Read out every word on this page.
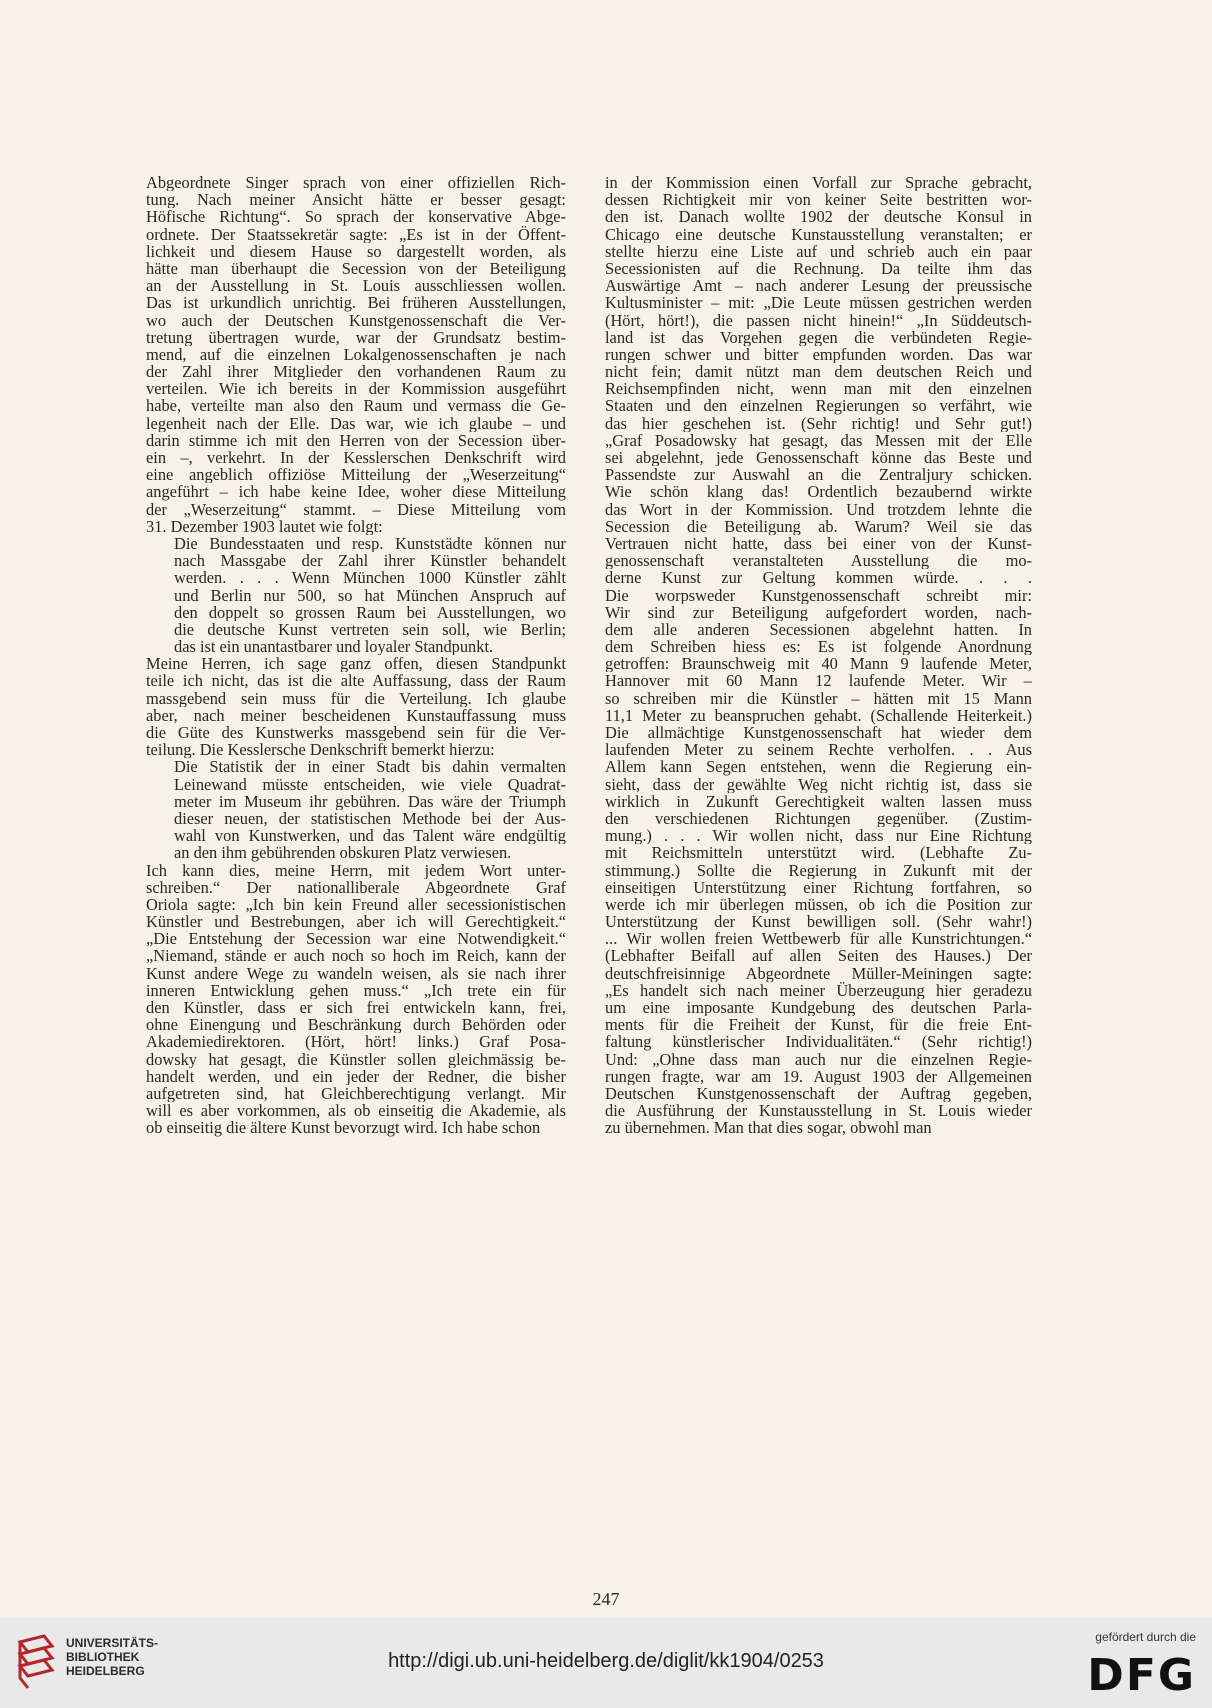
Abgeordnete Singer sprach von einer offiziellen Rich-
tung. Nach meiner Ansicht hätte er besser gesagt:
Höfische Richtung“. So sprach der konservative Abge-
ordnete. Der Staatssekretär sagte: „Es ist in der Öffent-
lichkeit und diesem Hause so dargestellt worden, als
hätte man überhaupt die Secession von der Beteiligung
an der Ausstellung in St. Louis ausschliessen wollen.
Das ist urkundlich unrichtig. Bei früheren Ausstellungen,
wo auch der Deutschen Kunstgenossenschaft die Ver-
tretung übertragen wurde, war der Grundsatz bestim-
mend, auf die einzelnen Lokalgenossenschaften je nach
der Zahl ihrer Mitglieder den vorhandenen Raum zu
verteilen. Wie ich bereits in der Kommission ausgeführt
habe, verteilte man also den Raum und vermass die Ge-
legenheit nach der Elle. Das war, wie ich glaube – und
darin stimme ich mit den Herren von der Secession über-
ein –, verkehrt. In der Kesslerschen Denkschrift wird
eine angeblich offiziöse Mitteilung der „Weserzeitung“
angeführt – ich habe keine Idee, woher diese Mitteilung
der „Weserzeitung“ stammt. – Diese Mitteilung vom
31. Dezember 1903 lautet wie folgt:
Die Bundesstaaten und resp. Kunststädte können nur
nach Massgabe der Zahl ihrer Künstler behandelt
werden. . . . Wenn München 1000 Künstler zählt
und Berlin nur 500, so hat München Anspruch auf
den doppelt so grossen Raum bei Ausstellungen, wo
die deutsche Kunst vertreten sein soll, wie Berlin;
das ist ein unantastbarer und loyaler Standpunkt.
Meine Herren, ich sage ganz offen, diesen Standpunkt
teile ich nicht, das ist die alte Auffassung, dass der Raum
massgebend sein muss für die Verteilung. Ich glaube
aber, nach meiner bescheidenen Kunstauffassung muss
die Güte des Kunstwerks massgebend sein für die Ver-
teilung. Die Kesslersche Denkschrift bemerkt hierzu:
Die Statistik der in einer Stadt bis dahin vermalten
Leinewand müsste entscheiden, wie viele Quadrat-
meter im Museum ihr gebühren. Das wäre der Triumph
dieser neuen, der statistischen Methode bei der Aus-
wahl von Kunstwerken, und das Talent wäre endgültig
an den ihm gebührenden obskuren Platz verwiesen.
Ich kann dies, meine Herrn, mit jedem Wort unter-
schreiben.“ Der nationalliberale Abgeordnete Graf
Oriola sagte: „Ich bin kein Freund aller secessionistischen
Künstler und Bestrebungen, aber ich will Gerechtigkeit.“
„Die Entstehung der Secession war eine Notwendigkeit.“
„Niemand, stände er auch noch so hoch im Reich, kann der
Kunst andere Wege zu wandeln weisen, als sie nach ihrer
inneren Entwicklung gehen muss.“ „Ich trete ein für
den Künstler, dass er sich frei entwickeln kann, frei,
ohne Einengung und Beschränkung durch Behörden oder
Akademiedirektoren. (Hört, hört! links.) Graf Posa-
dowsky hat gesagt, die Künstler sollen gleichmässig be-
handelt werden, und ein jeder der Redner, die bisher
aufgetreten sind, hat Gleichberechtigung verlangt. Mir
will es aber vorkommen, als ob einseitig die Akademie, als
ob einseitig die ältere Kunst bevorzugt wird. Ich habe schon
in der Kommission einen Vorfall zur Sprache gebracht,
dessen Richtigkeit mir von keiner Seite bestritten wor-
den ist. Danach wollte 1902 der deutsche Konsul in
Chicago eine deutsche Kunstausstellung veranstalten; er
stellte hierzu eine Liste auf und schrieb auch ein paar
Secessionisten auf die Rechnung. Da teilte ihm das
Auswärtige Amt – nach anderer Lesung der preussische
Kultusminister – mit: „Die Leute müssen gestrichen werden
(Hört, hört!), die passen nicht hinein!“ „In Süddeutsch-
land ist das Vorgehen gegen die verbündeten Regie-
rungen schwer und bitter empfunden worden. Das war
nicht fein; damit nützt man dem deutschen Reich und
Reichsempfinden nicht, wenn man mit den einzelnen
Staaten und den einzelnen Regierungen so verfährt, wie
das hier geschehen ist. (Sehr richtig! und Sehr gut!)
„Graf Posadowsky hat gesagt, das Messen mit der Elle
sei abgelehnt, jede Genossenschaft könne das Beste und
Passendste zur Auswahl an die Zentraljury schicken.
Wie schön klang das! Ordentlich bezaubernd wirkte
das Wort in der Kommission. Und trotzdem lehnte die
Secession die Beteiligung ab. Warum? Weil sie das
Vertrauen nicht hatte, dass bei einer von der Kunst-
genossenschaft veranstalteten Ausstellung die mo-
derne Kunst zur Geltung kommen würde. . . .
Die worpsweder Kunstgenossenschaft schreibt mir:
Wir sind zur Beteiligung aufgefordert worden, nach-
dem alle anderen Secessionen abgelehnt hatten. In
dem Schreiben hiess es: Es ist folgende Anordnung
getroffen: Braunschweig mit 40 Mann 9 laufende Meter,
Hannover mit 60 Mann 12 laufende Meter. Wir –
so schreiben mir die Künstler – hätten mit 15 Mann
11,1 Meter zu beanspruchen gehabt. (Schallende Heiterkeit.)
Die allmächtige Kunstgenossenschaft hat wieder dem
laufenden Meter zu seinem Rechte verholfen. . . Aus
Allem kann Segen entstehen, wenn die Regierung ein-
sieht, dass der gewählte Weg nicht richtig ist, dass sie
wirklich in Zukunft Gerechtigkeit walten lassen muss
den verschiedenen Richtungen gegenüber. (Zustim-
mung.) . . . Wir wollen nicht, dass nur Eine Richtung
mit Reichsmitteln unterstützt wird. (Lebhafte Zu-
stimmung.) Sollte die Regierung in Zukunft mit der
einseitigen Unterstützung einer Richtung fortfahren, so
werde ich mir überlegen müssen, ob ich die Position zur
Unterstützung der Kunst bewilligen soll. (Sehr wahr!)
... Wir wollen freien Wettbewerb für alle Kunstrichtungen.“
(Lebhafter Beifall auf allen Seiten des Hauses.) Der
deutschfreisinnige Abgeordnete Müller-Meiningen sagte:
„Es handelt sich nach meiner Überzeugung hier geradezu
um eine imposante Kundgebung des deutschen Parla-
ments für die Freiheit der Kunst, für die freie Ent-
faltung künstlerischer Individualitäten.“ (Sehr richtig!)
Und: „Ohne dass man auch nur die einzelnen Regie-
rungen fragte, war am 19. August 1903 der Allgemeinen
Deutschen Kunstgenossenschaft der Auftrag gegeben,
die Ausführung der Kunstausstellung in St. Louis wieder
zu übernehmen. Man that dies sogar, obwohl man
247
UNIVERSITÄTS-
BIBLIOTHEK
HEIDELBERG	http://digi.ub.uni-heidelberg.de/diglit/kk1904/0253
gefördert durch die
DFG
